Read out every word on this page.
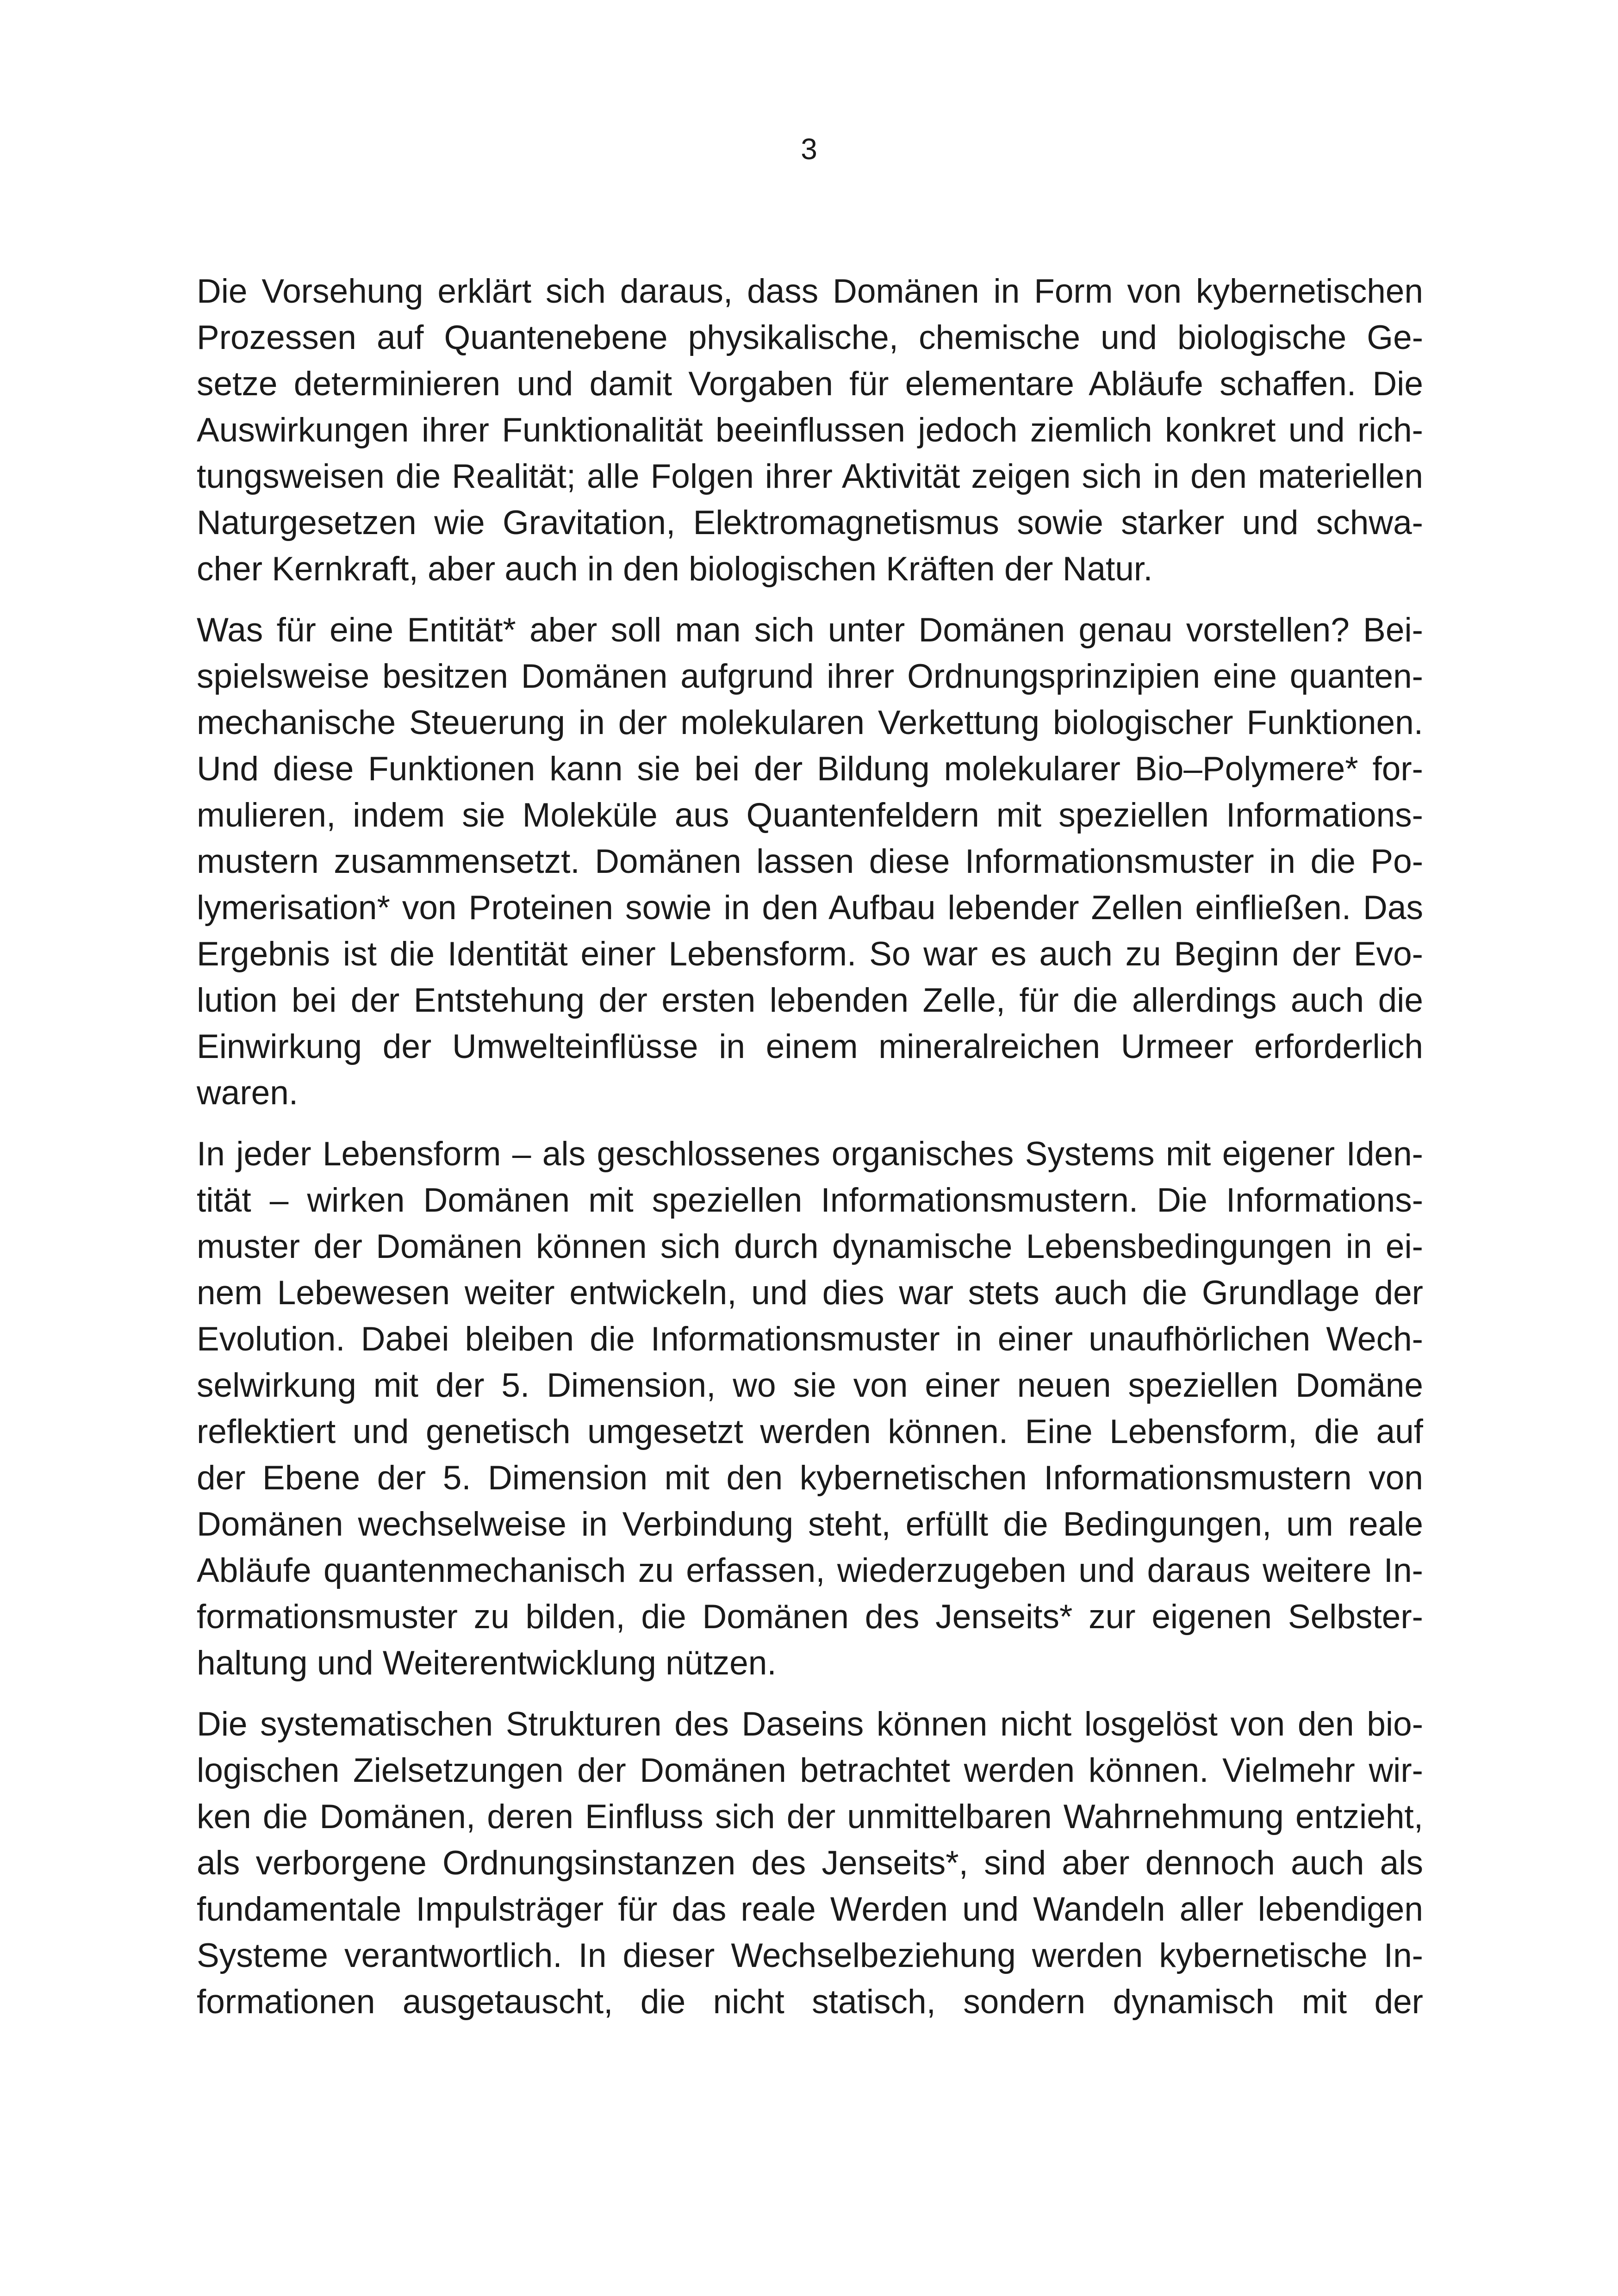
3

Die Vorsehung erklärt sich daraus, dass Domänen in Form von kybernetischen
Prozessen auf Quantenebene physikalische, chemische und biologische Ge-
setze determinieren und damit Vorgaben für elementare Abläufe schaffen. Die
Auswirkungen ihrer Funktionalität beeinflussen jedoch ziemlich konkret und rich-
tungsweisen die Realität; alle Folgen ihrer Aktivität zeigen sich in den materiellen
Naturgesetzen wie Gravitation, Elektromagnetismus sowie starker und schwa-
cher Kernkraft, aber auch in den biologischen Kräften der Natur.

Was für eine Entität* aber soll man sich unter Domänen genau vorstellen? Bei-
spielsweise besitzen Domänen aufgrund ihrer Ordnungsprinzipien eine quanten-
mechanische Steuerung in der molekularen Verkettung biologischer Funktionen.
Und diese Funktionen kann sie bei der Bildung molekularer Bio–Polymere* for-
mulieren, indem sie Moleküle aus Quantenfeldern mit speziellen Informations-
mustern zusammensetzt. Domänen lassen diese Informationsmuster in die Po-
lymerisation* von Proteinen sowie in den Aufbau lebender Zellen einfließen. Das
Ergebnis ist die Identität einer Lebensform. So war es auch zu Beginn der Evo-
lution bei der Entstehung der ersten lebenden Zelle, für die allerdings auch die
Einwirkung der Umwelteinflüsse in einem mineralreichen Urmeer erforderlich
waren.

In jeder Lebensform – als geschlossenes organisches Systems mit eigener Iden-
tität – wirken Domänen mit speziellen Informationsmustern. Die Informations-
muster der Domänen können sich durch dynamische Lebensbedingungen in ei-
nem Lebewesen weiter entwickeln, und dies war stets auch die Grundlage der
Evolution. Dabei bleiben die Informationsmuster in einer unaufhörlichen Wech-
selwirkung mit der 5. Dimension, wo sie von einer neuen speziellen Domäne
reflektiert und genetisch umgesetzt werden können. Eine Lebensform, die auf
der Ebene der 5. Dimension mit den kybernetischen Informationsmustern von
Domänen wechselweise in Verbindung steht, erfüllt die Bedingungen, um reale
Abläufe quantenmechanisch zu erfassen, wiederzugeben und daraus weitere In-
formationsmuster zu bilden, die Domänen des Jenseits* zur eigenen Selbster-
haltung und Weiterentwicklung nützen.

Die systematischen Strukturen des Daseins können nicht losgelöst von den bio-
logischen Zielsetzungen der Domänen betrachtet werden können. Vielmehr wir-
ken die Domänen, deren Einfluss sich der unmittelbaren Wahrnehmung entzieht,
als verborgene Ordnungsinstanzen des Jenseits*, sind aber dennoch auch als
fundamentale Impulsträger für das reale Werden und Wandeln aller lebendigen
Systeme verantwortlich. In dieser Wechselbeziehung werden kybernetische In-
formationen ausgetauscht, die nicht statisch, sondern dynamisch mit der
